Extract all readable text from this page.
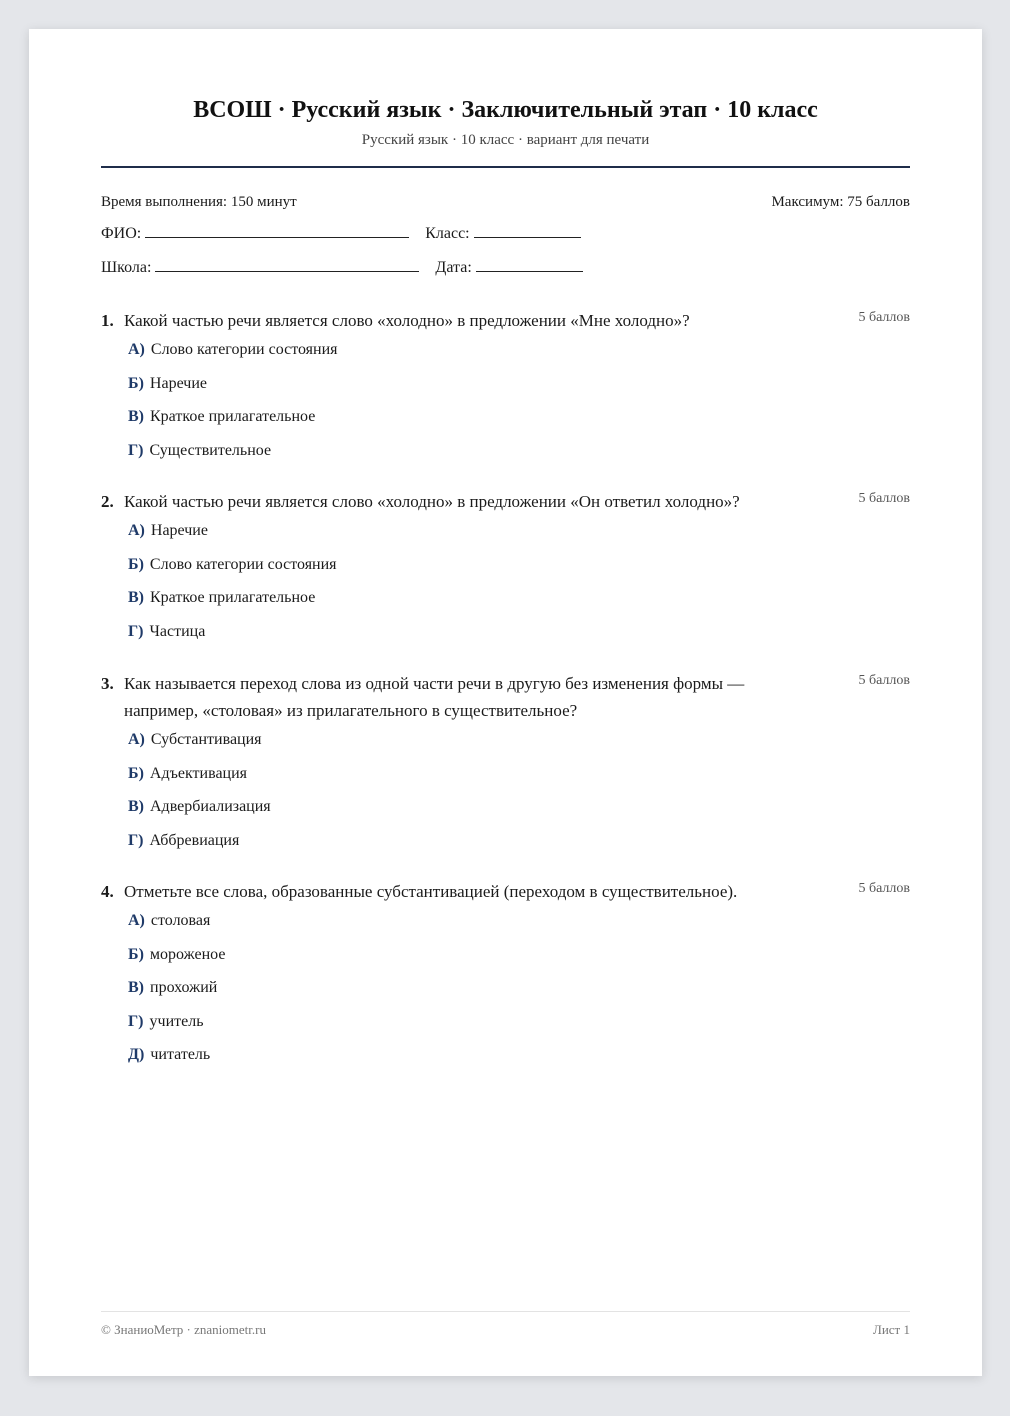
ВСОШ · Русский язык · Заключительный этап · 10 класс
Русский язык · 10 класс · вариант для печати
Время выполнения: 150 минут	Максимум: 75 баллов
ФИО:	Класс:
Школа:	Дата:
1. Какой частью речи является слово «холодно» в предложении «Мне холодно»?	5 баллов
А) Слово категории состояния
Б) Наречие
В) Краткое прилагательное
Г) Существительное
2. Какой частью речи является слово «холодно» в предложении «Он ответил холодно»?	5 баллов
А) Наречие
Б) Слово категории состояния
В) Краткое прилагательное
Г) Частица
3. Как называется переход слова из одной части речи в другую без изменения формы — например, «столовая» из прилагательного в существительное?
5 баллов
А) Субстантивация
Б) Адъективация
В) Адвербиализация
Г) Аббревиация
4. Отметьте все слова, образованные субстантивацией (переходом в существительное).	5 баллов
А) столовая
Б) мороженое
В) прохожий
Г) учитель
Д) читатель
© ЗнаниоМетр · znaniometr.ru	Лист 1
